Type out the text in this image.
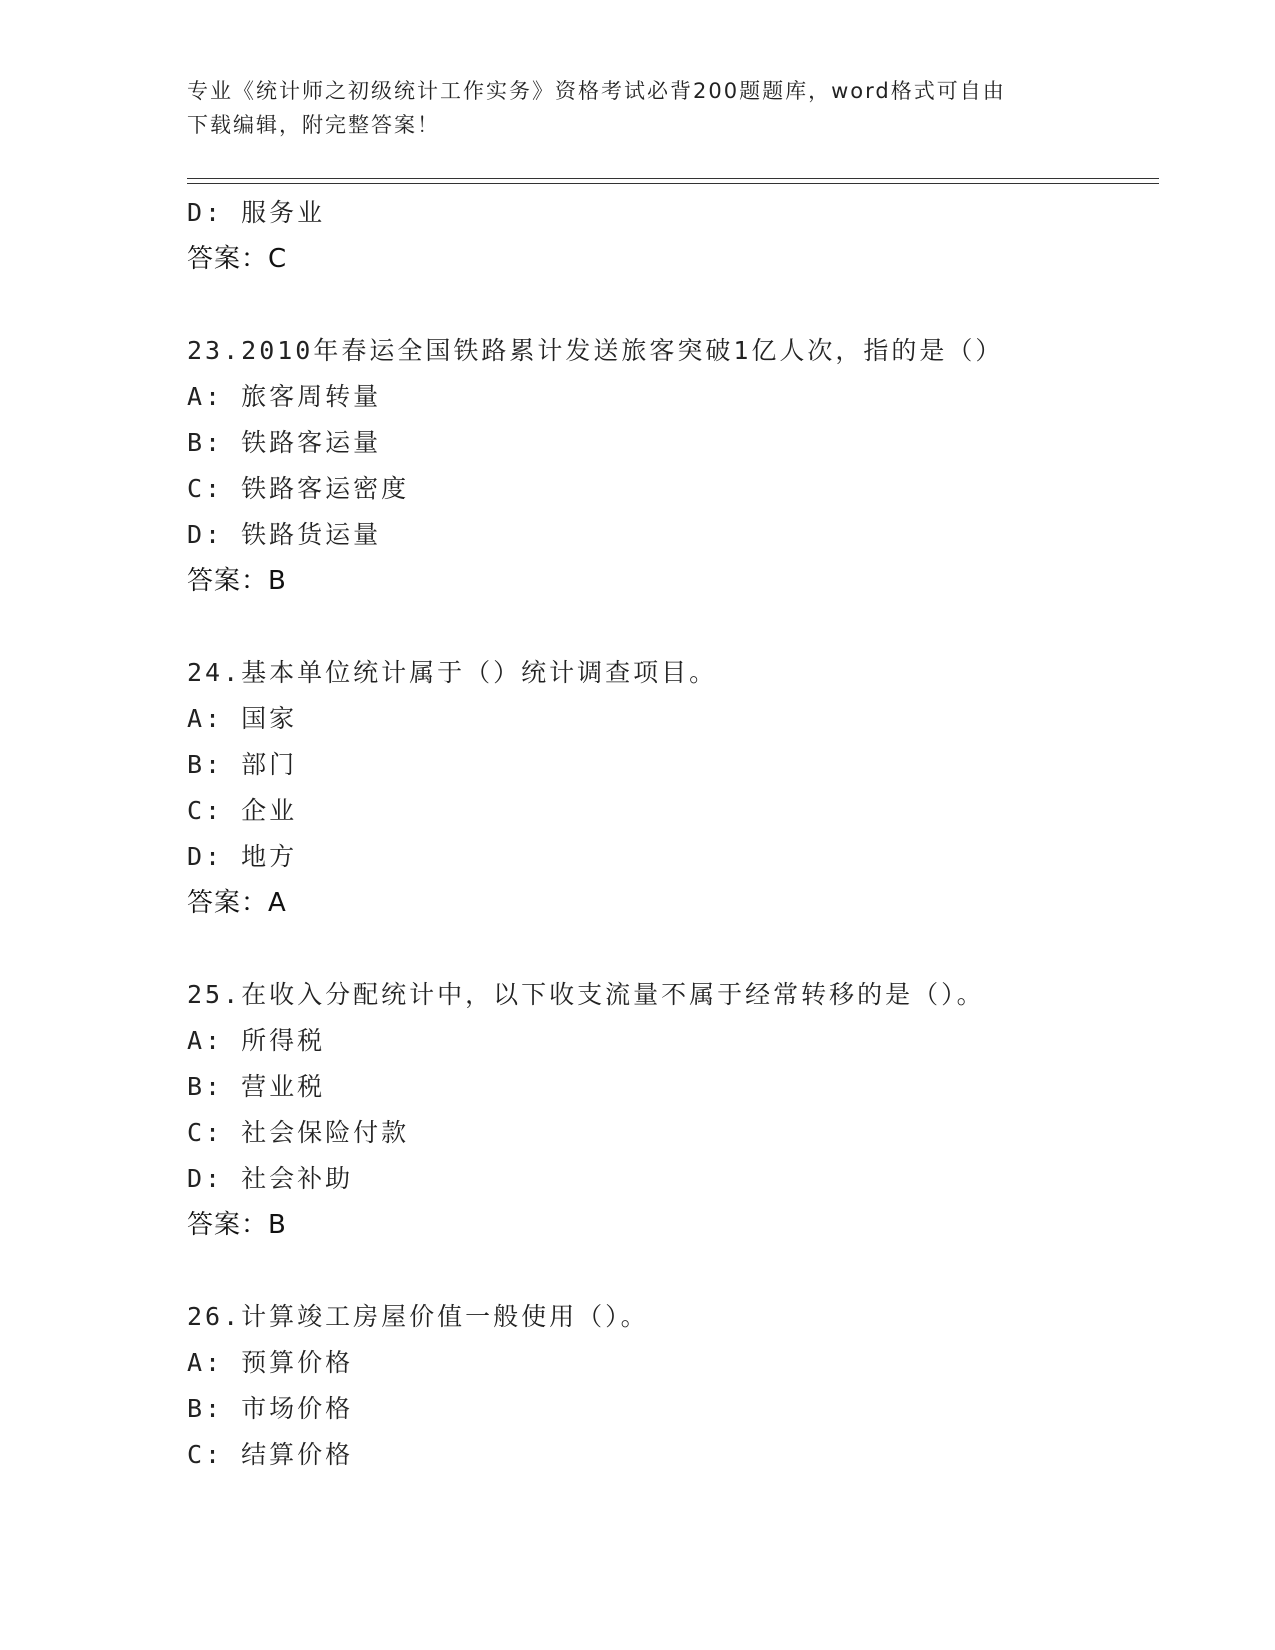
专业《统计师之初级统计工作实务》资格考试必背200题题库，word格式可自由
下载编辑，附完整答案！
D: 服务业
答案：C
23.2010年春运全国铁路累计发送旅客突破1亿人次，指的是（）
A: 旅客周转量
B: 铁路客运量
C: 铁路客运密度
D: 铁路货运量
答案：B
24.基本单位统计属于（）统计调查项目。
A: 国家
B: 部门
C: 企业
D: 地方
答案：A
25.在收入分配统计中，以下收支流量不属于经常转移的是（）。
A: 所得税
B: 营业税
C: 社会保险付款
D: 社会补助
答案：B
26.计算竣工房屋价值一般使用（）。
A: 预算价格
B: 市场价格
C: 结算价格
